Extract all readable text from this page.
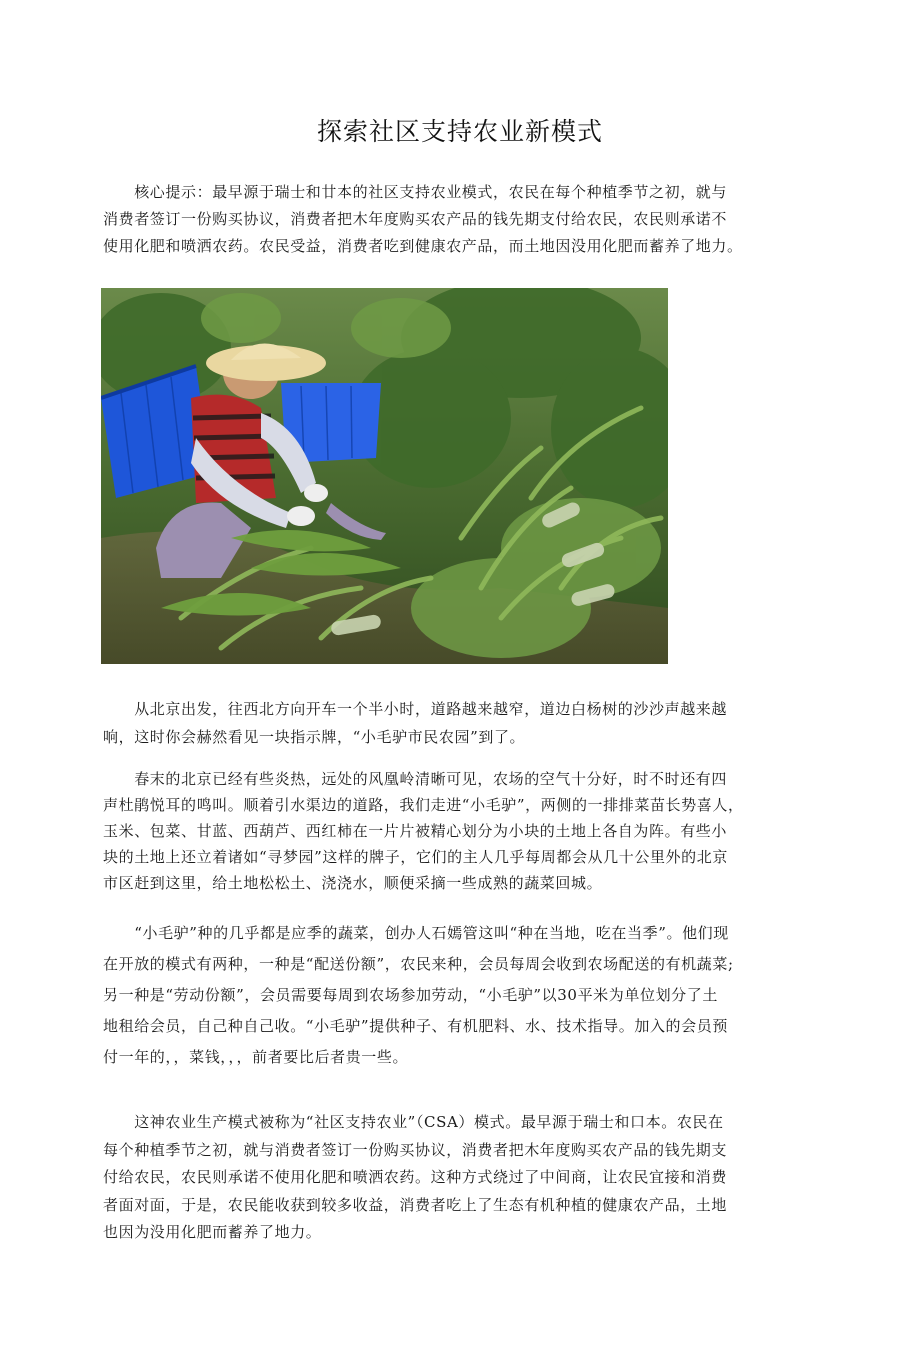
探索社区支持农业新模式
　　核心提示：最早源于瑞士和廿本的社区支持农业模式，农民在每个种植季节之初，就与
消费者签订一份购买协议，消费者把木年度购买农产品的钱先期支付给农民，农民则承诺不
使用化肥和喷洒农药。农民受益，消费者吃到健康农产品，而土地因没用化肥而蓄养了地力。
　　从北京出发，往西北方向开车一个半小时，道路越来越窄，道边白杨树的沙沙声越来越
响，这时你会赫然看见一块指示牌，“小毛驴市民农园”到了。
　　春末的北京已经有些炎热，远处的风凰岭清晰可见，农场的空气十分好，时不时还有四
声杜鹃悦耳的鸣叫。顺着引水渠边的道路，我们走进“小毛驴”，两侧的一排排菜苗长势喜人，
玉米、包菜、甘蓝、西葫芦、西红柿在一片片被精心划分为小块的土地上各自为阵。有些小
块的土地上还立着诸如“寻梦园”这样的牌子，它们的主人几乎每周都会从几十公里外的北京
市区赶到这里，给土地松松土、浇浇水，顺便采摘一些成熟的蔬菜回城。
　　“小毛驴”种的几乎都是应季的蔬菜，创办人石嫣管这叫“种在当地，吃在当季”。他们现
在开放的模式有两种，一种是“配送份额”，农民来种，会员每周会收到农场配送的有机蔬菜;
另一种是“劳动份额”，会员需要每周到农场参加劳动，“小毛驴”以30平米为单位划分了土
地租给会员，自己种自己收。“小毛驴”提供种子、有机肥料、水、技术指导。加入的会员预
付一年的，，菜钱，，，前者要比后者贵一些。
　　这神农业生产模式被称为“社区支持农业”（CSA）模式。最早源于瑞士和口本。农民在
每个种植季节之初，就与消费者签订一份购买协议，消费者把木年度购买农产品的钱先期支
付给农民，农民则承诺不使用化肥和喷洒农药。这种方式绕过了中间商，让农民宜接和消费
者面对面，于是，农民能收获到较多收益，消费者吃上了生态有机种植的健康农产品，土地
也因为没用化肥而蓄养了地力。
